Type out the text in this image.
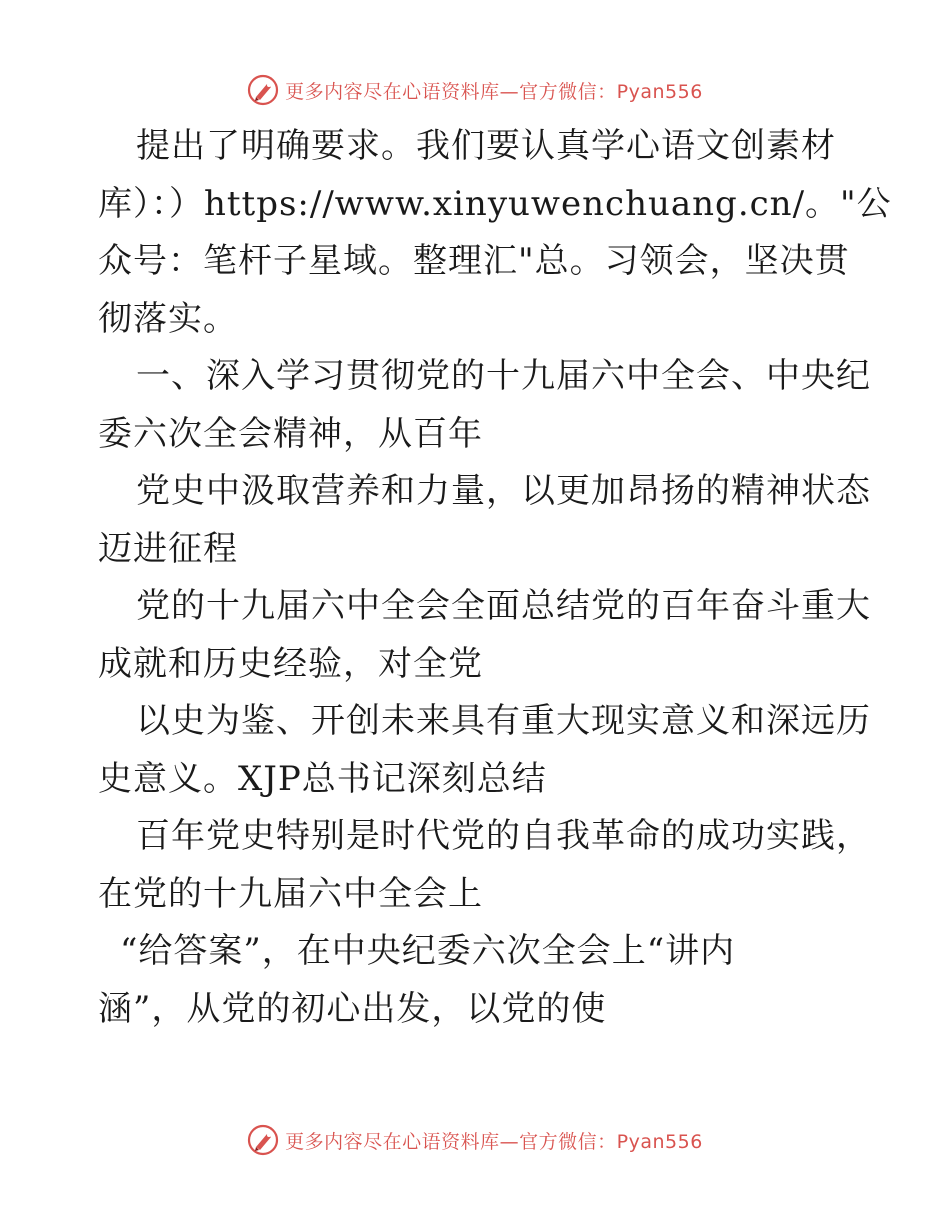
更多内容尽在心语资料库—官方微信：Pyan556
提出了明确要求。我们要认真学心语文创素材
库）：）https://www.xinyuwenchuang.cn/。"公
众号：笔杆子星域。整理汇"总。习领会，坚决贯
彻落实。
一、深入学习贯彻党的十九届六中全会、中央纪
委六次全会精神，从百年
党史中汲取营养和力量，以更加昂扬的精神状态
迈进征程
党的十九届六中全会全面总结党的百年奋斗重大
成就和历史经验，对全党
以史为鉴、开创未来具有重大现实意义和深远历
史意义。XJP总书记深刻总结
百年党史特别是时代党的自我革命的成功实践，
在党的十九届六中全会上
“给答案”，在中央纪委六次全会上“讲内
涵”，从党的初心出发，以党的使
更多内容尽在心语资料库—官方微信：Pyan556
